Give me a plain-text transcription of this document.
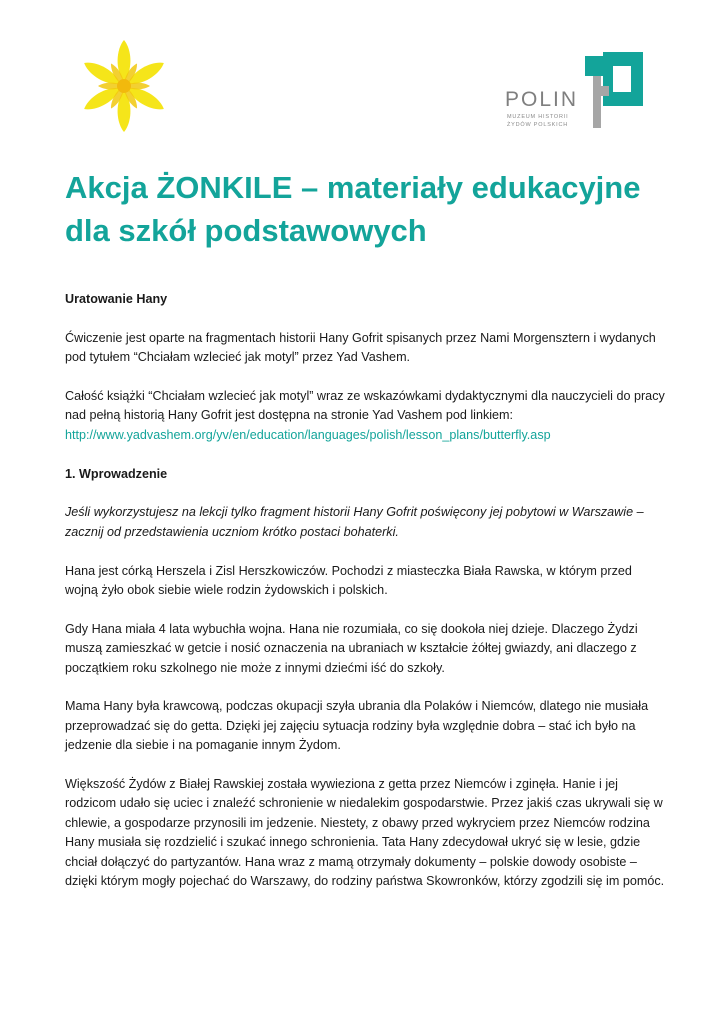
POLIN
MUZEUM HISTORII
ŻYDÓW POLSKICH
Akcja ŻONKILE – materiały edukacyjne
dla szkół podstawowych

Uratowanie Hany

Ćwiczenie jest oparte na fragmentach historii Hany Gofrit spisanych przez Nami Morgensztern i wydanych pod tytułem “Chciałam wzlecieć jak motyl” przez Yad Vashem.

Całość książki “Chciałam wzlecieć jak motyl” wraz ze wskazówkami dydaktycznymi dla nauczycieli do pracy nad pełną historią Hany Gofrit jest dostępna na stronie Yad Vashem pod linkiem:
http://www.yadvashem.org/yv/en/education/languages/polish/lesson_plans/butterfly.asp

1. Wprowadzenie

Jeśli wykorzystujesz na lekcji tylko fragment historii Hany Gofrit poświęcony jej pobytowi w Warszawie – zacznij od przedstawienia uczniom krótko postaci bohaterki.

Hana jest córką Herszela i Zisl Herszkowiczów. Pochodzi z miasteczka Biała Rawska, w którym przed wojną żyło obok siebie wiele rodzin żydowskich i polskich.

Gdy Hana miała 4 lata wybuchła wojna. Hana nie rozumiała, co się dookoła niej dzieje. Dlaczego Żydzi muszą zamieszkać w getcie i nosić oznaczenia na ubraniach w kształcie żółtej gwiazdy, ani dlaczego z początkiem roku szkolnego nie może z innymi dziećmi iść do szkoły.

Mama Hany była krawcową, podczas okupacji szyła ubrania dla Polaków i Niemców, dlatego nie musiała przeprowadzać się do getta. Dzięki jej zajęciu sytuacja rodziny była względnie dobra – stać ich było na jedzenie dla siebie i na pomaganie innym Żydom.

Większość Żydów z Białej Rawskiej została wywieziona z getta przez Niemców i zginęła. Hanie i jej rodzicom udało się uciec i znaleźć schronienie w niedalekim gospodarstwie. Przez jakiś czas ukrywali się w chlewie, a gospodarze przynosili im jedzenie. Niestety, z obawy przed wykryciem przez Niemców rodzina Hany musiała się rozdzielić i szukać innego schronienia. Tata Hany zdecydował ukryć się w lesie, gdzie chciał dołączyć do partyzantów. Hana wraz z mamą otrzymały dokumenty – polskie dowody osobiste – dzięki którym mogły pojechać do Warszawy, do rodziny państwa Skowronków, którzy zgodzili się im pomóc.
